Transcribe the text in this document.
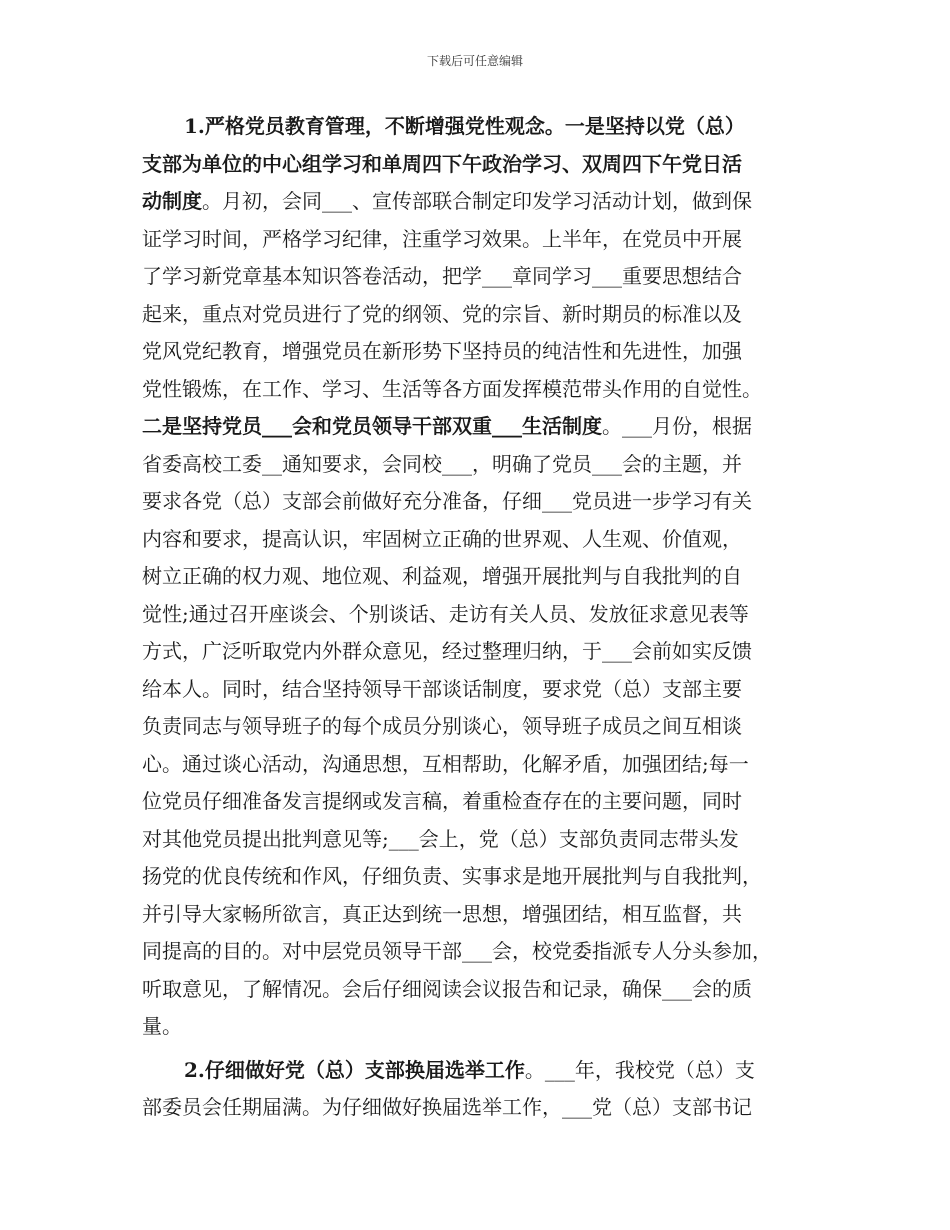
下载后可任意编辑
1.严格党员教育管理，不断增强党性观念。一是坚持以党（总）
支部为单位的中心组学习和单周四下午政治学习、双周四下午党日活
动制度。月初，会同___、宣传部联合制定印发学习活动计划，做到保
证学习时间，严格学习纪律，注重学习效果。上半年，在党员中开展
了学习新党章基本知识答卷活动，把学___章同学习___重要思想结合
起来，重点对党员进行了党的纲领、党的宗旨、新时期员的标准以及
党风党纪教育，增强党员在新形势下坚持员的纯洁性和先进性，加强
党性锻炼，在工作、学习、生活等各方面发挥模范带头作用的自觉性。
二是坚持党员___会和党员领导干部双重___生活制度。___月份，根据
省委高校工委__通知要求，会同校___，明确了党员___会的主题，并
要求各党（总）支部会前做好充分准备，仔细___党员进一步学习有关
内容和要求，提高认识，牢固树立正确的世界观、人生观、价值观，
树立正确的权力观、地位观、利益观，增强开展批判与自我批判的自
觉性;通过召开座谈会、个别谈话、走访有关人员、发放征求意见表等
方式，广泛听取党内外群众意见，经过整理归纳，于___会前如实反馈
给本人。同时，结合坚持领导干部谈话制度，要求党（总）支部主要
负责同志与领导班子的每个成员分别谈心，领导班子成员之间互相谈
心。通过谈心活动，沟通思想，互相帮助，化解矛盾，加强团结;每一
位党员仔细准备发言提纲或发言稿，着重检查存在的主要问题，同时
对其他党员提出批判意见等;___会上，党（总）支部负责同志带头发
扬党的优良传统和作风，仔细负责、实事求是地开展批判与自我批判，
并引导大家畅所欲言，真正达到统一思想，增强团结，相互监督，共
同提高的目的。对中层党员领导干部___会，校党委指派专人分头参加，
听取意见，了解情况。会后仔细阅读会议报告和记录，确保___会的质
量。
2.仔细做好党（总）支部换届选举工作。___年，我校党（总）支
部委员会任期届满。为仔细做好换届选举工作，___党（总）支部书记
